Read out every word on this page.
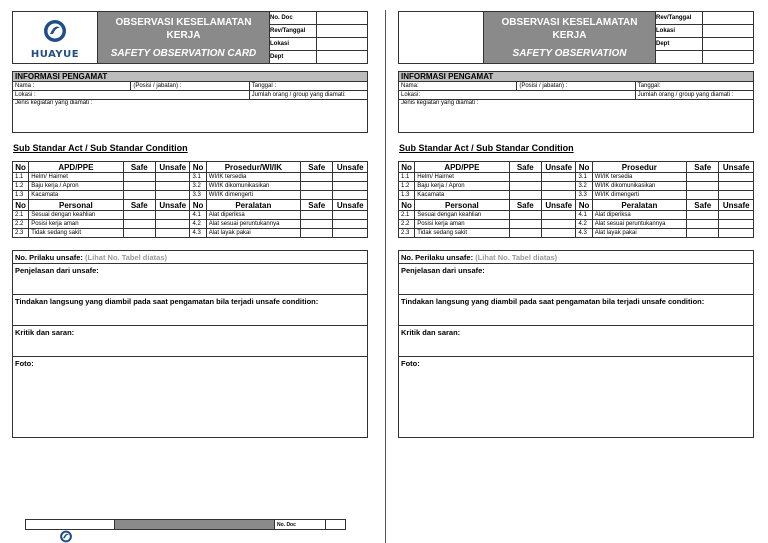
HUAYUE	OBSERVASI KESELAMATAN
KERJA
SAFETY OBSERVATION CARD	No. Doc	
		Rev/Tanggal	
		Lokasi	
		Dept	
INFORMASI PENGAMAT		
Nama :	(Posisi / jabatan) :	Tanggal :
Lokasi :		Jumlah orang / group yang diamati:
Jenis kegiatan yang diamati :		
Sub Standar Act / Sub Standar Condition
No	APD/PPE	Safe	Unsafe	No	Prosedur/WI/IK	Safe	Unsafe
1.1	Helm/ Hairnet			3.1	WI/IK tersedia		
1.2	Baju kerja / Apron			3.2	WI/IK dikomunikasikan		
1.3	Kacamata			3.3	WI/IK dimengerti		
No	Personal	Safe	Unsafe	No	Peralatan	Safe	Unsafe
2.1	Sesuai dengan keahlian			4.1	Alat diperiksa		
2.2	Posisi kerja aman			4.2	Alat sesuai peruntukannya		
2.3	Tidak sedang sakit			4.3	Alat layak pakai		
No. Prilaku unsafe: (Lihat No. Tabel diatas)
Penjelasan dari unsafe:
Tindakan langsung yang diambil pada saat pengamatan bila terjadi unsafe condition:
Kritik dan saran:
Foto:
	OBSERVASI KESELAMATAN
KERJA
SAFETY OBSERVATION	Rev/Tanggal	
		Lokasi	
		Dept	

INFORMASI PENGAMAT		
Nama:	(Posisi / jabatan) :	Tanggal:
Lokasi:		Jumlah orang / group yang diamati :
Jenis kegiatan yang diamati :		
Sub Standar Act / Sub Standar Condition
No	APD/PPE	Safe	Unsafe	No	Prosedur	Safe	Unsafe
1.1	Helm/ Hairnet			3.1	WI/IK tersedia		
1.2	Baju kerja / Apron			3.2	WI/IK dikomunikasikan		
1.3	Kacamata			3.3	WI/IK dimengerti		
No	Personal	Safe	Unsafe	No	Peralatan	Safe	Unsafe
2.1	Sesuai dengan keahlian			4.1	Alat diperiksa		
2.2	Posisi kerja aman			4.2	Alat sesuai peruntukannya		
2.3	Tidak sedang sakit			4.3	Alat layak pakai		
No. Perilaku unsafe: (Lihat No. Tabel diatas)
Penjelasan dari unsafe:
Tindakan langsung yang diambil pada saat pengamatan bila terjadi unsafe condition:
Kritik dan saran:
Foto:
		No. Doc	
